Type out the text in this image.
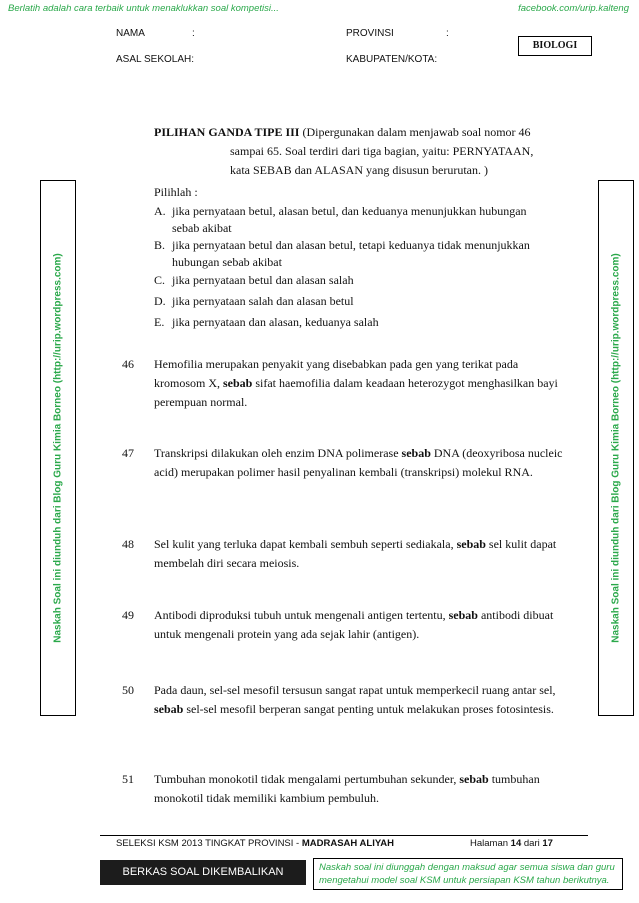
Berlatih adalah cara terbaik untuk menaklukkan soal kompetisi...	facebook.com/urip.kalteng
NAMA	:	PROVINSI	:
ASAL SEKOLAH:	KABUPATEN/KOTA:
BIOLOGI
Naskah Soal ini diunduh dari Blog Guru Kimia Borneo (http://urip.wordpress.com)	Naskah Soal ini diunduh dari Blog Guru Kimia Borneo (http://urip.wordpress.com)
PILIHAN GANDA TIPE III (Dipergunakan dalam menjawab soal nomor 46
sampai 65. Soal terdiri dari tiga bagian, yaitu: PERNYATAAN,
kata SEBAB dan ALASAN yang disusun berurutan. )
Pilihlah :
A. jika pernyataan betul, alasan betul, dan keduanya menunjukkan hubungan
sebab akibat
B. jika pernyataan betul dan alasan betul, tetapi keduanya tidak menunjukkan
hubungan sebab akibat
C. jika pernyataan betul dan alasan salah
D. jika pernyataan salah dan alasan betul
E. jika pernyataan dan alasan, keduanya salah
46 Hemofilia merupakan penyakit yang disebabkan pada gen yang terikat pada kromosom X, sebab sifat haemofilia dalam keadaan heterozygot menghasilkan bayi perempuan normal.
47 Transkripsi dilakukan oleh enzim DNA polimerase sebab DNA (deoxyribosa nucleic acid) merupakan polimer hasil penyalinan kembali (transkripsi) molekul RNA.
48 Sel kulit yang terluka dapat kembali sembuh seperti sediakala, sebab sel kulit dapat membelah diri secara meiosis.
49 Antibodi diproduksi tubuh untuk mengenali antigen tertentu, sebab antibodi dibuat untuk mengenali protein yang ada sejak lahir (antigen).
50 Pada daun, sel-sel mesofil tersusun sangat rapat untuk memperkecil ruang antar sel, sebab sel-sel mesofil berperan sangat penting untuk melakukan proses fotosintesis.
51 Tumbuhan monokotil tidak mengalami pertumbuhan sekunder, sebab tumbuhan monokotil tidak memiliki kambium pembuluh.
SELEKSI KSM 2013 TINGKAT PROVINSI - MADRASAH ALIYAH	Halaman 14 dari 17
BERKAS SOAL DIKEMBALIKAN	Naskah soal ini diunggah dengan maksud agar semua siswa dan guru
mengetahui model soal KSM untuk persiapan KSM tahun berikutnya.
